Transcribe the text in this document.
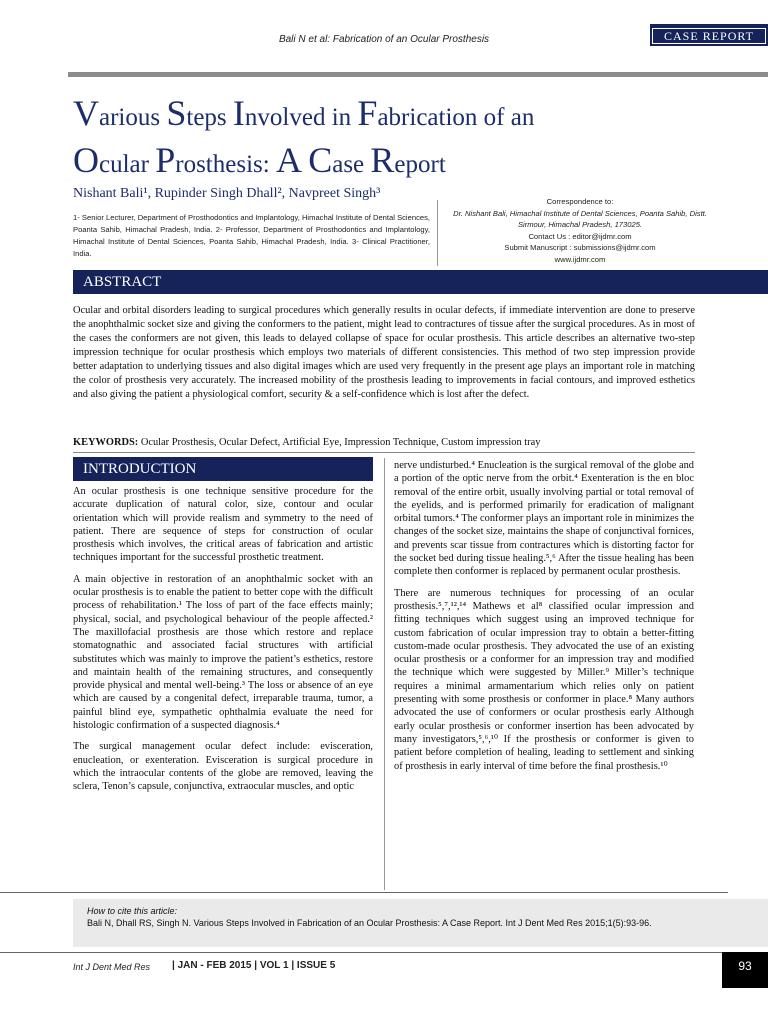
Bali N et al: Fabrication of an Ocular Prosthesis	CASE REPORT
Various Steps Involved in Fabrication of an
Ocular Prosthesis: A Case Report
Nishant Bali¹, Rupinder Singh Dhall², Navpreet Singh³
1- Senior Lecturer, Department of Prosthodontics and Implantology, Himachal Institute of Dental Sciences, Poanta Sahib, Himachal Pradesh, India. 2- Professor, Department of Prosthodontics and Implantology, Himachal Institute of Dental Sciences, Poanta Sahib, Himachal Pradesh, India. 3- Clinical Practitioner, India.
Correspondence to:
Dr. Nishant Bali, Himachal Institute of Dental Sciences, Poanta Sahib, Distt. Sirmour, Himachal Pradesh, 173025.
Contact Us : editor@ijdmr.com
Submit Manuscript : submissions@ijdmr.com
www.ijdmr.com
ABSTRACT
Ocular and orbital disorders leading to surgical procedures which generally results in ocular defects, if immediate intervention are done to preserve the anophthalmic socket size and giving the conformers to the patient, might lead to contractures of tissue after the surgical procedures. As in most of the cases the conformers are not given, this leads to delayed collapse of space for ocular prosthesis. This article describes an alternative two-step impression technique for ocular prosthesis which employs two materials of different consistencies. This method of two step impression provide better adaptation to underlying tissues and also digital images which are used very frequently in the present age plays an important role in matching the color of prosthesis very accurately. The increased mobility of the prosthesis leading to improvements in facial contours, and improved esthetics and also giving the patient a physiological comfort, security & a self-confidence which is lost after the defect.
KEYWORDS: Ocular Prosthesis, Ocular Defect, Artificial Eye, Impression Technique, Custom impression tray
INTRODUCTION

An ocular prosthesis is one technique sensitive procedure for the accurate duplication of natural color, size, contour and ocular orientation which will provide realism and symmetry to the need of patient. There are sequence of steps for construction of ocular prosthesis which involves, the critical areas of fabrication and artistic techniques important for the successful prosthetic treatment.

A main objective in restoration of an anophthalmic socket with an ocular prosthesis is to enable the patient to better cope with the difficult process of rehabilitation.¹ The loss of part of the face effects mainly; physical, social, and psychological behaviour of the people affected.² The maxillofacial prosthesis are those which restore and replace stomatognathic and associated facial structures with artificial substitutes which was mainly to improve the patient’s esthetics, restore and maintain health of the remaining structures, and consequently provide physical and mental well-being.³ The loss or absence of an eye which are caused by a congenital defect, irreparable trauma, tumor, a painful blind eye, sympathetic ophthalmia evaluate the need for histologic confirmation of a suspected diagnosis.⁴

The surgical management ocular defect include: evisceration, enucleation, or exenteration. Evisceration is surgical procedure in which the intraocular contents of the globe are removed, leaving the sclera, Tenon’s capsule, conjunctiva, extraocular muscles, and optic

nerve undisturbed.⁴ Enucleation is the surgical removal of the globe and a portion of the optic nerve from the orbit.⁴ Exenteration is the en bloc removal of the entire orbit, usually involving partial or total removal of the eyelids, and is performed primarily for eradication of malignant orbital tumors.⁴ The conformer plays an important role in minimizes the changes of the socket size, maintains the shape of conjunctival fornices, and prevents scar tissue from contractures which is distorting factor for the socket bed during tissue healing.⁵,⁶ After the tissue healing has been complete then conformer is replaced by permanent ocular prosthesis.

There are numerous techniques for processing of an ocular prosthesis.⁵,⁷,¹²,¹⁴ Mathews et al⁸ classified ocular impression and fitting techniques which suggest using an improved technique for custom fabrication of ocular impression tray to obtain a better-fitting custom-made ocular prosthesis. They advocated the use of an existing ocular prosthesis or a conformer for an impression tray and modified the technique which were suggested by Miller.⁹ Miller’s technique requires a minimal armamentarium which relies only on patient presenting with some prosthesis or conformer in place.⁸ Many authors advocated the use of conformers or ocular prosthesis early Although early ocular prosthesis or conformer insertion has been advocated by many investigators,⁵,⁶,¹⁰ If the prosthesis or conformer is given to patient before completion of healing, leading to settlement and sinking of prosthesis in early interval of time before the final prosthesis.¹⁰

How to cite this article:
Bali N, Dhall RS, Singh N. Various Steps Involved in Fabrication of an Ocular Prosthesis: A Case Report. Int J Dent Med Res 2015;1(5):93-96.
Int J Dent Med Res | JAN - FEB 2015 | VOL 1 | ISSUE 5	93
